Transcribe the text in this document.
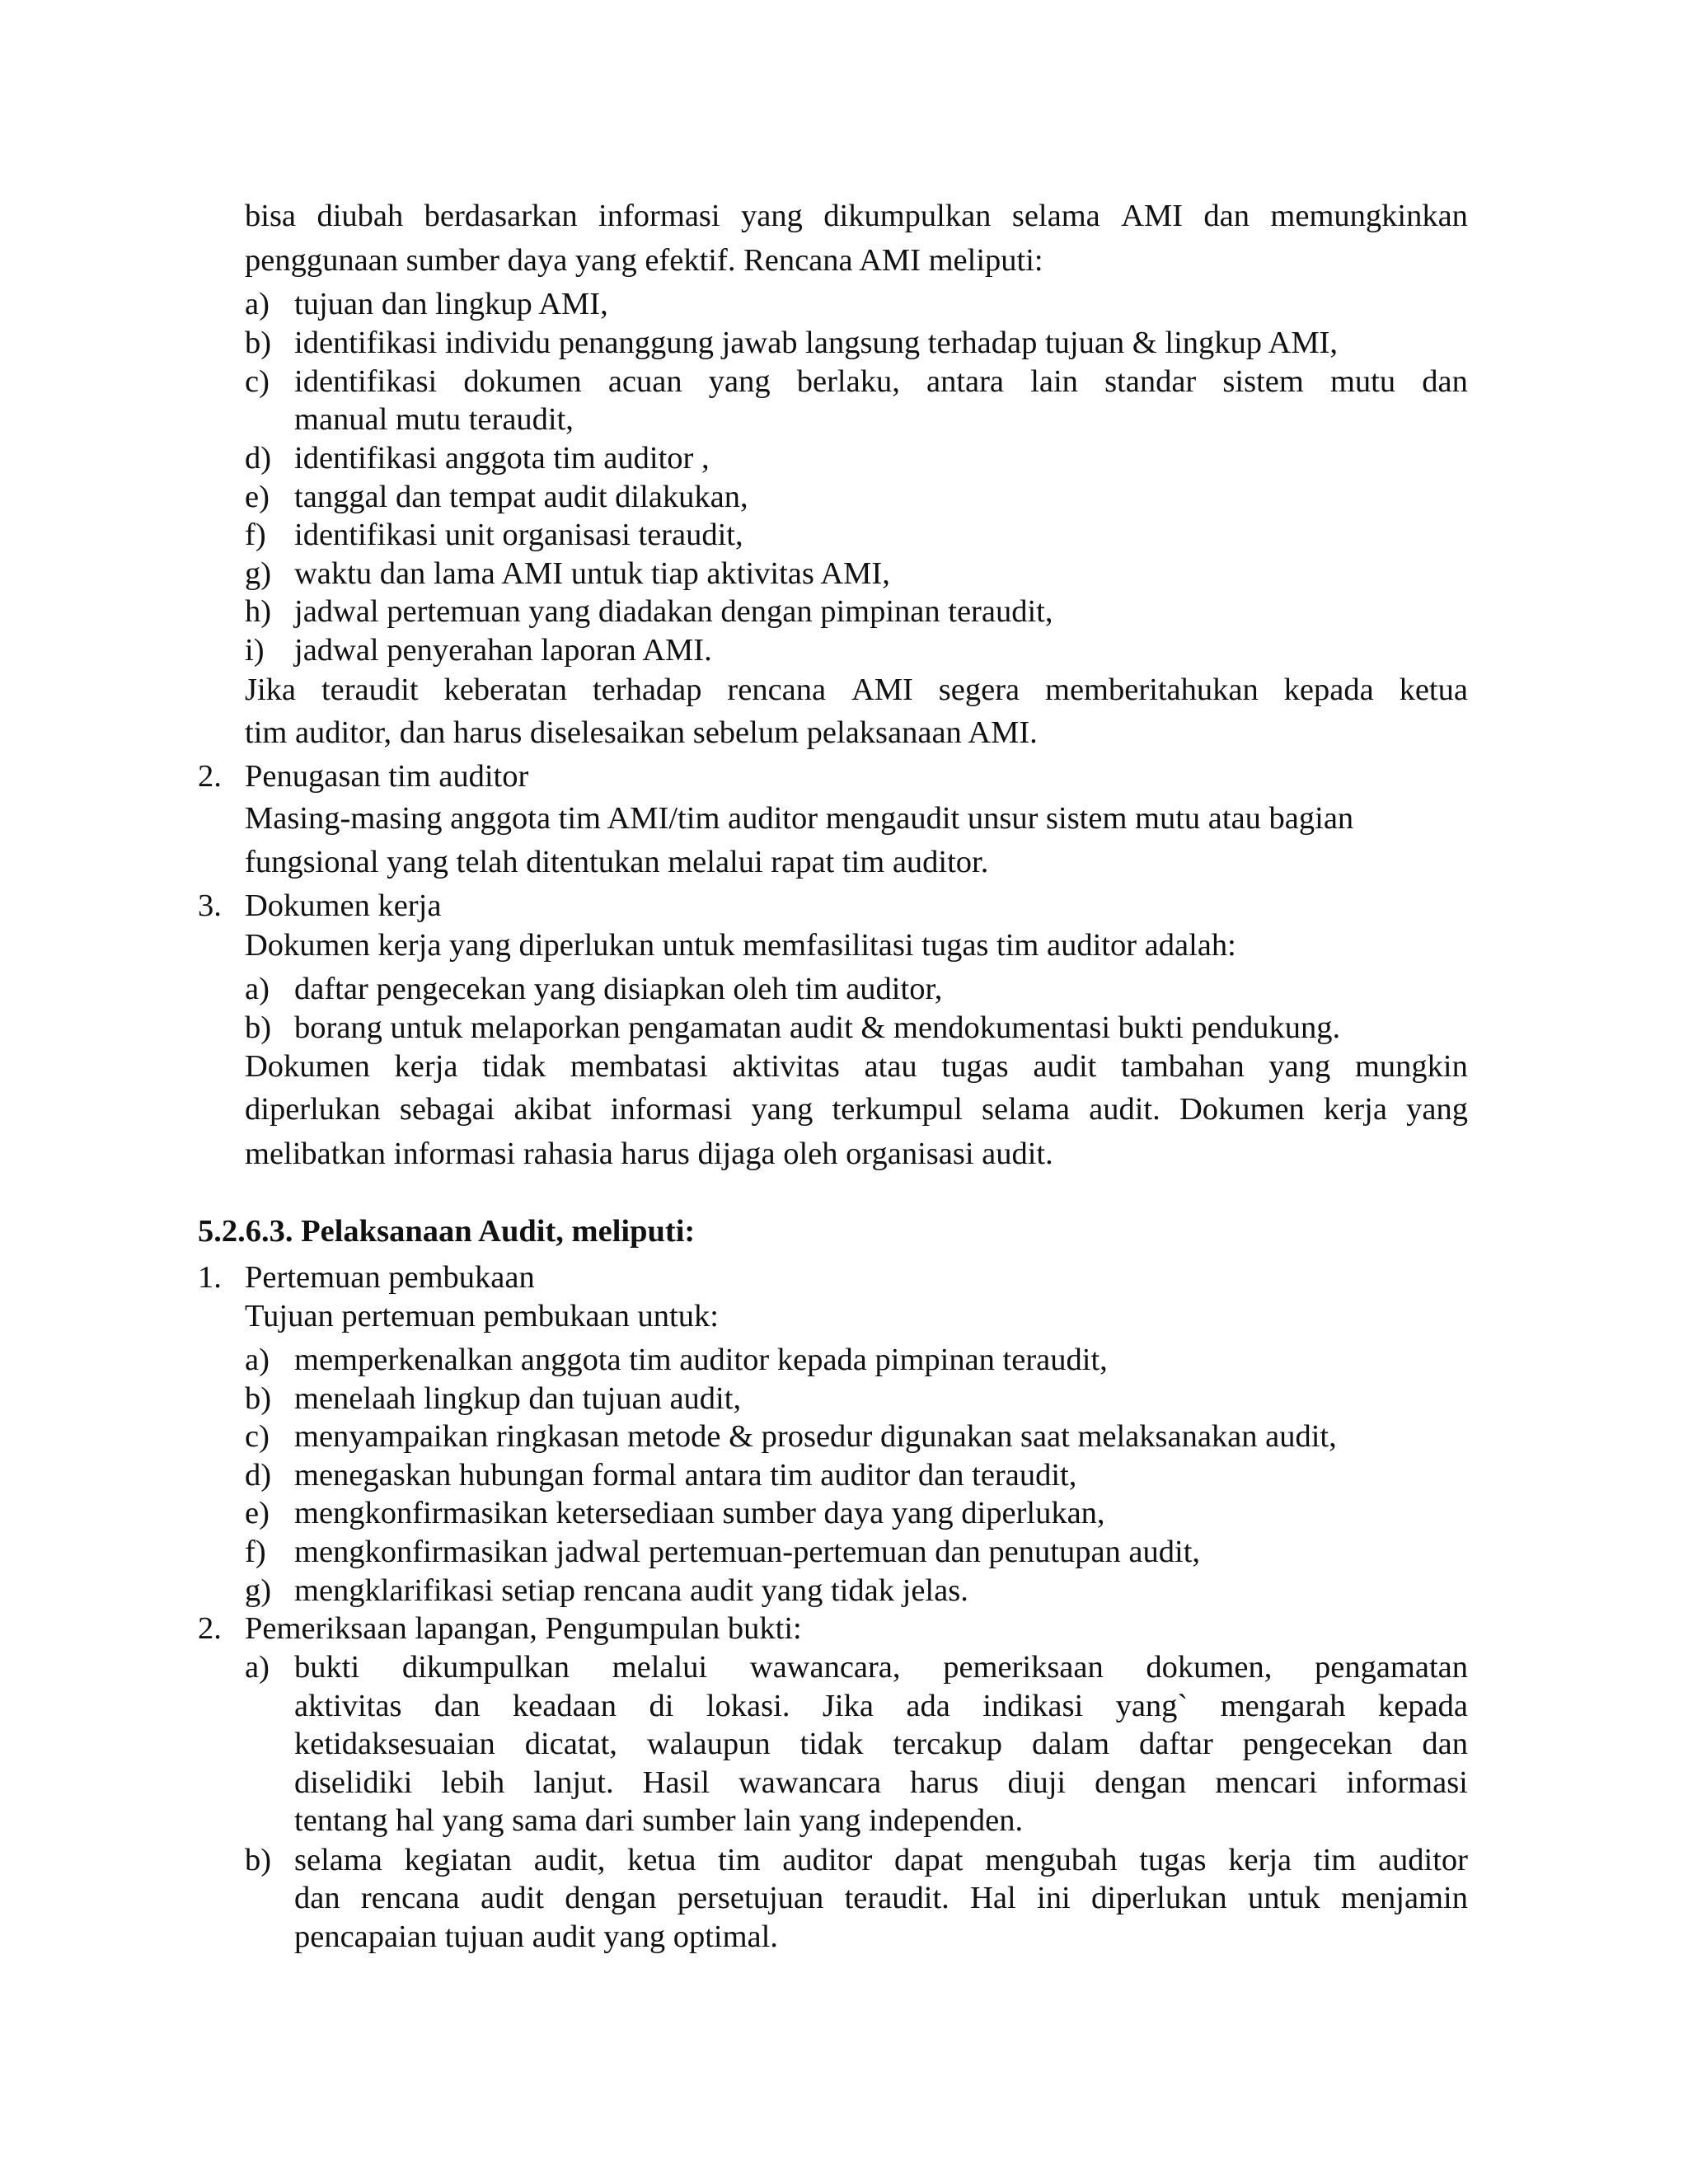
bisa diubah berdasarkan informasi yang dikumpulkan selama AMI dan memungkinkan
penggunaan sumber daya yang efektif. Rencana AMI meliputi:
a) tujuan dan lingkup AMI,
b) identifikasi individu penanggung jawab langsung terhadap tujuan & lingkup AMI,
c) identifikasi dokumen acuan yang berlaku, antara lain standar sistem mutu dan
manual mutu teraudit,
d) identifikasi anggota tim auditor ,
e) tanggal dan tempat audit dilakukan,
f) identifikasi unit organisasi teraudit,
g) waktu dan lama AMI untuk tiap aktivitas AMI,
h) jadwal pertemuan yang diadakan dengan pimpinan teraudit,
i) jadwal penyerahan laporan AMI.
Jika teraudit keberatan terhadap rencana AMI segera memberitahukan kepada ketua
tim auditor, dan harus diselesaikan sebelum pelaksanaan AMI.
2. Penugasan tim auditor
Masing-masing anggota tim AMI/tim auditor mengaudit unsur sistem mutu atau bagian
fungsional yang telah ditentukan melalui rapat tim auditor.
3. Dokumen kerja
Dokumen kerja yang diperlukan untuk memfasilitasi tugas tim auditor adalah:
a) daftar pengecekan yang disiapkan oleh tim auditor,
b) borang untuk melaporkan pengamatan audit & mendokumentasi bukti pendukung.
Dokumen kerja tidak membatasi aktivitas atau tugas audit tambahan yang mungkin
diperlukan sebagai akibat informasi yang terkumpul selama audit. Dokumen kerja yang
melibatkan informasi rahasia harus dijaga oleh organisasi audit.
5.2.6.3. Pelaksanaan Audit, meliputi:
1. Pertemuan pembukaan
Tujuan pertemuan pembukaan untuk:
a) memperkenalkan anggota tim auditor kepada pimpinan teraudit,
b) menelaah lingkup dan tujuan audit,
c) menyampaikan ringkasan metode & prosedur digunakan saat melaksanakan audit,
d) menegaskan hubungan formal antara tim auditor dan teraudit,
e) mengkonfirmasikan ketersediaan sumber daya yang diperlukan,
f) mengkonfirmasikan jadwal pertemuan-pertemuan dan penutupan audit,
g) mengklarifikasi setiap rencana audit yang tidak jelas.
2. Pemeriksaan lapangan, Pengumpulan bukti:
a) bukti dikumpulkan melalui wawancara, pemeriksaan dokumen, pengamatan
aktivitas dan keadaan di lokasi. Jika ada indikasi yang` mengarah kepada
ketidaksesuaian dicatat, walaupun tidak tercakup dalam daftar pengecekan dan
diselidiki lebih lanjut. Hasil wawancara harus diuji dengan mencari informasi
tentang hal yang sama dari sumber lain yang independen.
b) selama kegiatan audit, ketua tim auditor dapat mengubah tugas kerja tim auditor
dan rencana audit dengan persetujuan teraudit. Hal ini diperlukan untuk menjamin
pencapaian tujuan audit yang optimal.
